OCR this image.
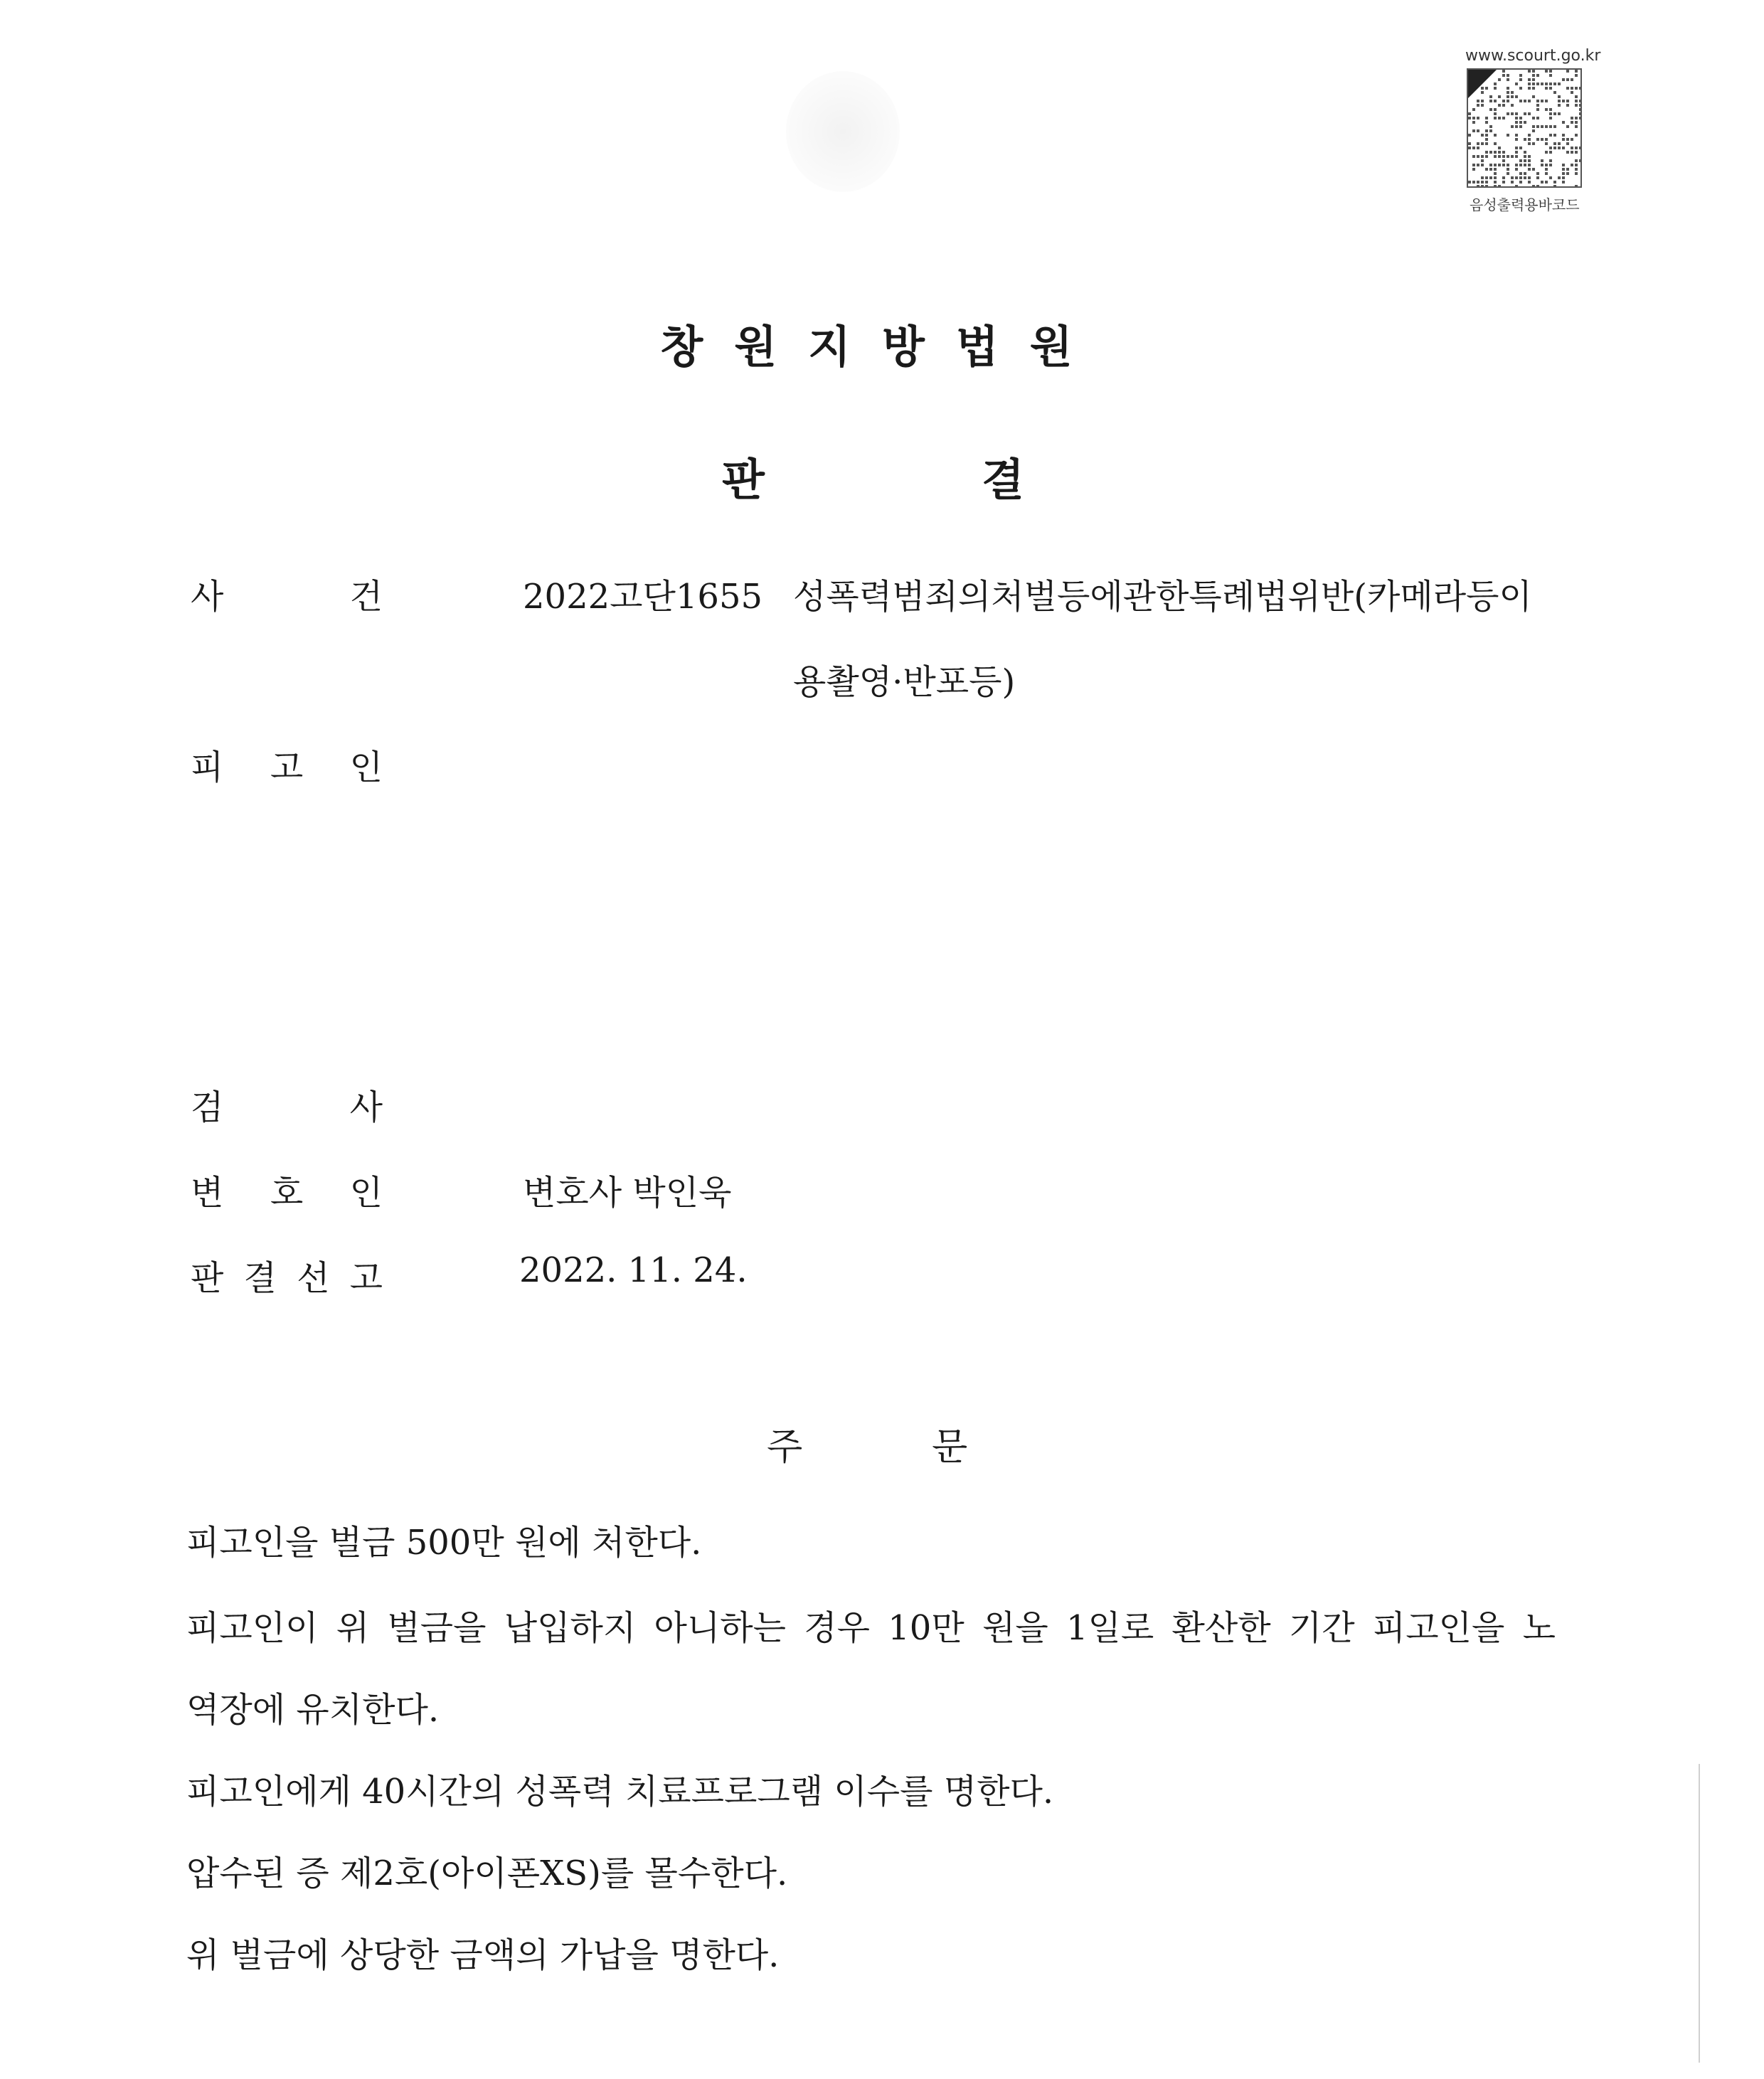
www.scourt.go.kr
음성출력용바코드
창원지방법원
판	결
사	건	2022고단1655 성폭력범죄의처벌등에관한특례법위반(카메라등이
용촬영·반포등)
피 고 인
검	사
변 호 인	변호사 박인욱
판 결 선 고	2022. 11. 24.
주	문
피고인을 벌금 500만 원에 처한다.
피고인이 위 벌금을 납입하지 아니하는 경우 10만 원을 1일로 환산한 기간 피고인을 노
역장에 유치한다.
피고인에게 40시간의 성폭력 치료프로그램 이수를 명한다.
압수된 증 제2호(아이폰XS)를 몰수한다.
위 벌금에 상당한 금액의 가납을 명한다.
